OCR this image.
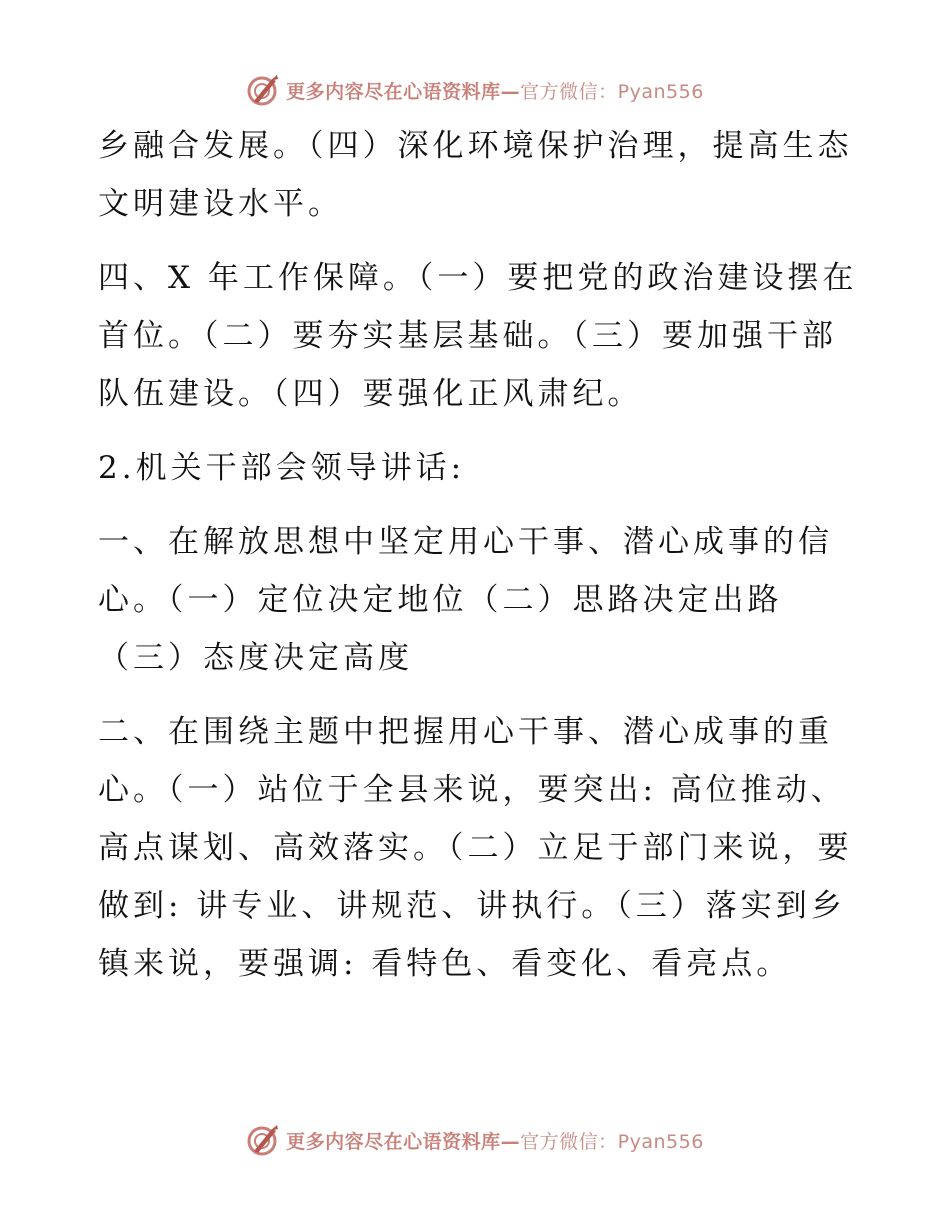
更多内容尽在心语资料库—官方微信：Pyan556

乡融合发展。（四）深化环境保护治理，提高生态
文明建设水平。

四、X 年工作保障。（一）要把党的政治建设摆在
首位。（二）要夯实基层基础。（三）要加强干部
队伍建设。（四）要强化正风肃纪。

2.机关干部会领导讲话:

一、在解放思想中坚定用心干事、潜心成事的信
心。（一）定位决定地位（二）思路决定出路
（三）态度决定高度

二、在围绕主题中把握用心干事、潜心成事的重
心。（一）站位于全县来说，要突出: 高位推动、
高点谋划、高效落实。（二）立足于部门来说，要
做到: 讲专业、讲规范、讲执行。（三）落实到乡
镇来说，要强调: 看特色、看变化、看亮点。

更多内容尽在心语资料库—官方微信：Pyan556
